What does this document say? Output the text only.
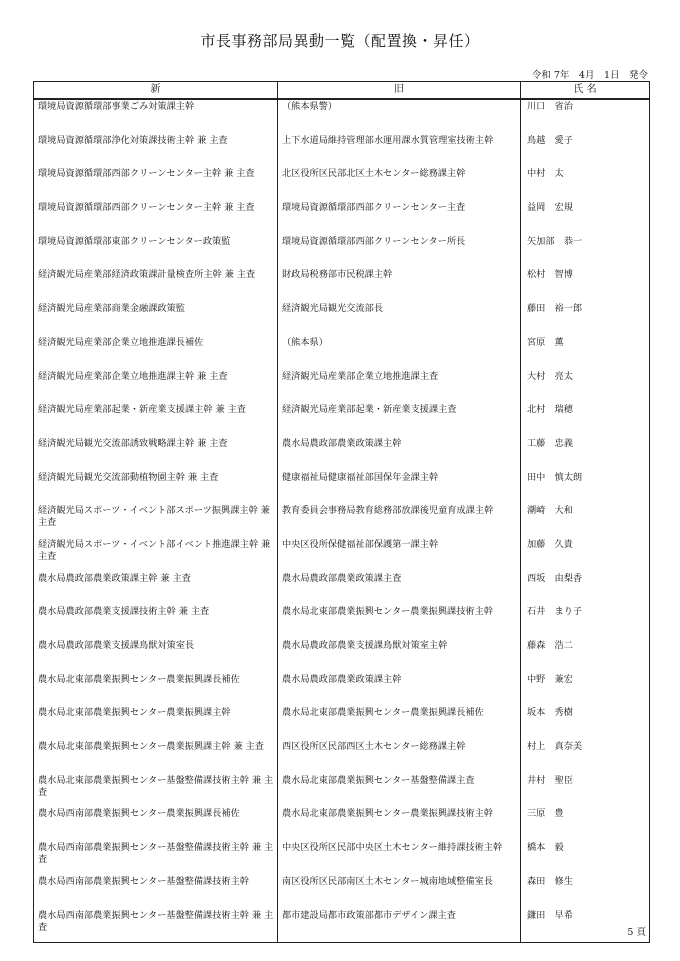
市長事務部局異動一覧（配置換・昇任）
令和 7年　4月　1日　発令
新	旧	氏 名
環境局資源循環部事業ごみ対策課主幹	（熊本県警）	川口　省治
環境局資源循環部浄化対策課技術主幹 兼 主査	上下水道局維持管理部水運用課水質管理室技術主幹	鳥越　愛子
環境局資源循環部西部クリーンセンター主幹 兼 主査	北区役所区民部北区土木センター総務課主幹	中村　太
環境局資源循環部西部クリーンセンター主幹 兼 主査	環境局資源循環部西部クリーンセンター主査	益岡　宏規
環境局資源循環部東部クリーンセンター政策監	環境局資源循環部西部クリーンセンター所長	矢加部　恭一
経済観光局産業部経済政策課計量検査所主幹 兼 主査	財政局税務部市民税課主幹	松村　智博
経済観光局産業部商業金融課政策監	経済観光局観光交流部長	藤田　裕一郎
経済観光局産業部企業立地推進課長補佐	（熊本県）	宮原　薫
経済観光局産業部企業立地推進課主幹 兼 主査	経済観光局産業部企業立地推進課主査	大村　亮太
経済観光局産業部起業・新産業支援課主幹 兼 主査	経済観光局産業部起業・新産業支援課主査	北村　瑞穂
経済観光局観光交流部誘致戦略課主幹 兼 主査	農水局農政部農業政策課主幹	工藤　忠義
経済観光局観光交流部動植物園主幹 兼 主査	健康福祉局健康福祉部国保年金課主幹	田中　慎太朗
経済観光局スポーツ・イベント部スポーツ振興課主幹 兼 主査	教育委員会事務局教育総務部放課後児童育成課主幹	潮崎　大和
経済観光局スポーツ・イベント部イベント推進課主幹 兼 主査	中央区役所保健福祉部保護第一課主幹	加藤　久貴
農水局農政部農業政策課主幹 兼 主査	農水局農政部農業政策課主査	西坂　由梨香
農水局農政部農業支援課技術主幹 兼 主査	農水局北東部農業振興センター農業振興課技術主幹	石井　まり子
農水局農政部農業支援課鳥獣対策室長	農水局農政部農業支援課鳥獣対策室主幹	藤森　浩二
農水局北東部農業振興センター農業振興課長補佐	農水局農政部農業政策課主幹	中野　兼宏
農水局北東部農業振興センター農業振興課主幹	農水局北東部農業振興センター農業振興課長補佐	坂本　秀樹
農水局北東部農業振興センター農業振興課主幹 兼 主査	西区役所区民部西区土木センター総務課主幹	村上　真奈美
農水局北東部農業振興センター基盤整備課技術主幹 兼 主査	農水局北東部農業振興センター基盤整備課主査	井村　聖臣
農水局西南部農業振興センター農業振興課長補佐	農水局北東部農業振興センター農業振興課技術主幹	三原　豊
農水局西南部農業振興センター基盤整備課技術主幹 兼 主査	中央区役所区民部中央区土木センター維持課技術主幹	橋本　毅
農水局西南部農業振興センター基盤整備課技術主幹	南区役所区民部南区土木センター城南地域整備室長	森田　修生
農水局西南部農業振興センター基盤整備課技術主幹 兼 主査	都市建設局都市政策部都市デザイン課主査	鎌田　早希
5 頁
